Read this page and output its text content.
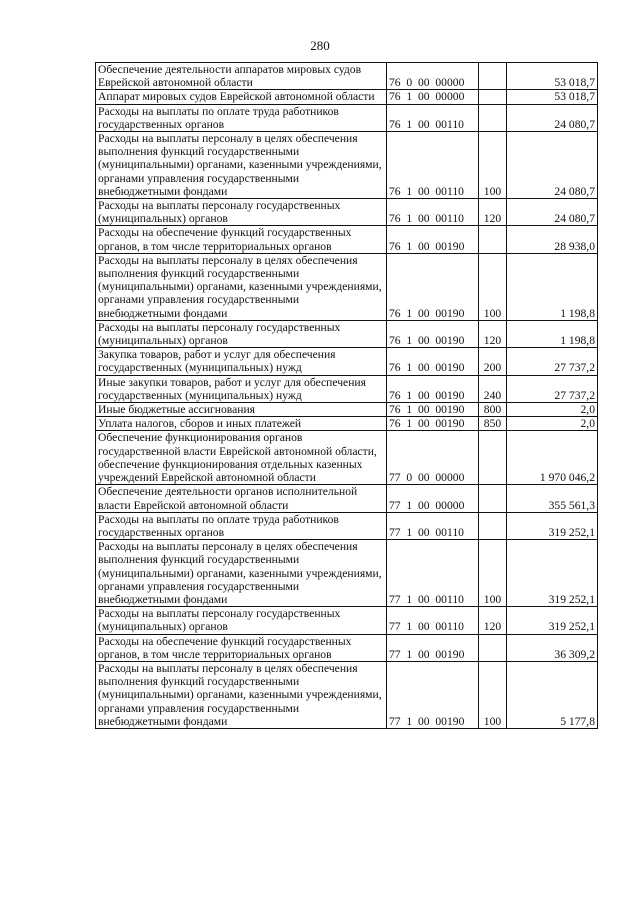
280
Обеспечение деятельности аппаратов мировых судов Еврейской автономной области	76  0  00  00000		53 018,7
Аппарат мировых судов Еврейской автономной области	76  1  00  00000		53 018,7
Расходы на выплаты по оплате труда работников государственных органов	76  1  00  00110		24 080,7
Расходы на выплаты персоналу в целях обеспечения выполнения функций государственными (муниципальными) органами, казенными учреждениями, органами управления государственными внебюджетными фондами	76  1  00  00110	100	24 080,7
Расходы на выплаты персоналу государственных (муниципальных) органов	76  1  00  00110	120	24 080,7
Расходы на обеспечение функций государственных органов, в том числе территориальных органов	76  1  00  00190		28 938,0
Расходы на выплаты персоналу в целях обеспечения выполнения функций государственными (муниципальными) органами, казенными учреждениями, органами управления государственными внебюджетными фондами	76  1  00  00190	100	1 198,8
Расходы на выплаты персоналу государственных (муниципальных) органов	76  1  00  00190	120	1 198,8
Закупка товаров, работ и услуг для обеспечения государственных (муниципальных) нужд	76  1  00  00190	200	27 737,2
Иные закупки товаров, работ и услуг для обеспечения государственных (муниципальных) нужд	76  1  00  00190	240	27 737,2
Иные бюджетные ассигнования	76  1  00  00190	800	2,0
Уплата налогов, сборов и иных платежей	76  1  00  00190	850	2,0
Обеспечение функционирования органов государственной власти Еврейской автономной области, обеспечение функционирования отдельных казенных учреждений Еврейской автономной области	77  0  00  00000		1 970 046,2
Обеспечение деятельности органов исполнительной власти Еврейской автономной области	77  1  00  00000		355 561,3
Расходы на выплаты по оплате труда работников государственных органов	77  1  00  00110		319 252,1
Расходы на выплаты персоналу в целях обеспечения выполнения функций государственными (муниципальными) органами, казенными учреждениями, органами управления государственными внебюджетными фондами	77  1  00  00110	100	319 252,1
Расходы на выплаты персоналу государственных (муниципальных) органов	77  1  00  00110	120	319 252,1
Расходы на обеспечение функций государственных органов, в том числе территориальных органов	77  1  00  00190		36 309,2
Расходы на выплаты персоналу в целях обеспечения выполнения функций государственными (муниципальными) органами, казенными учреждениями, органами управления государственными внебюджетными фондами	77  1  00  00190	100	5 177,8
